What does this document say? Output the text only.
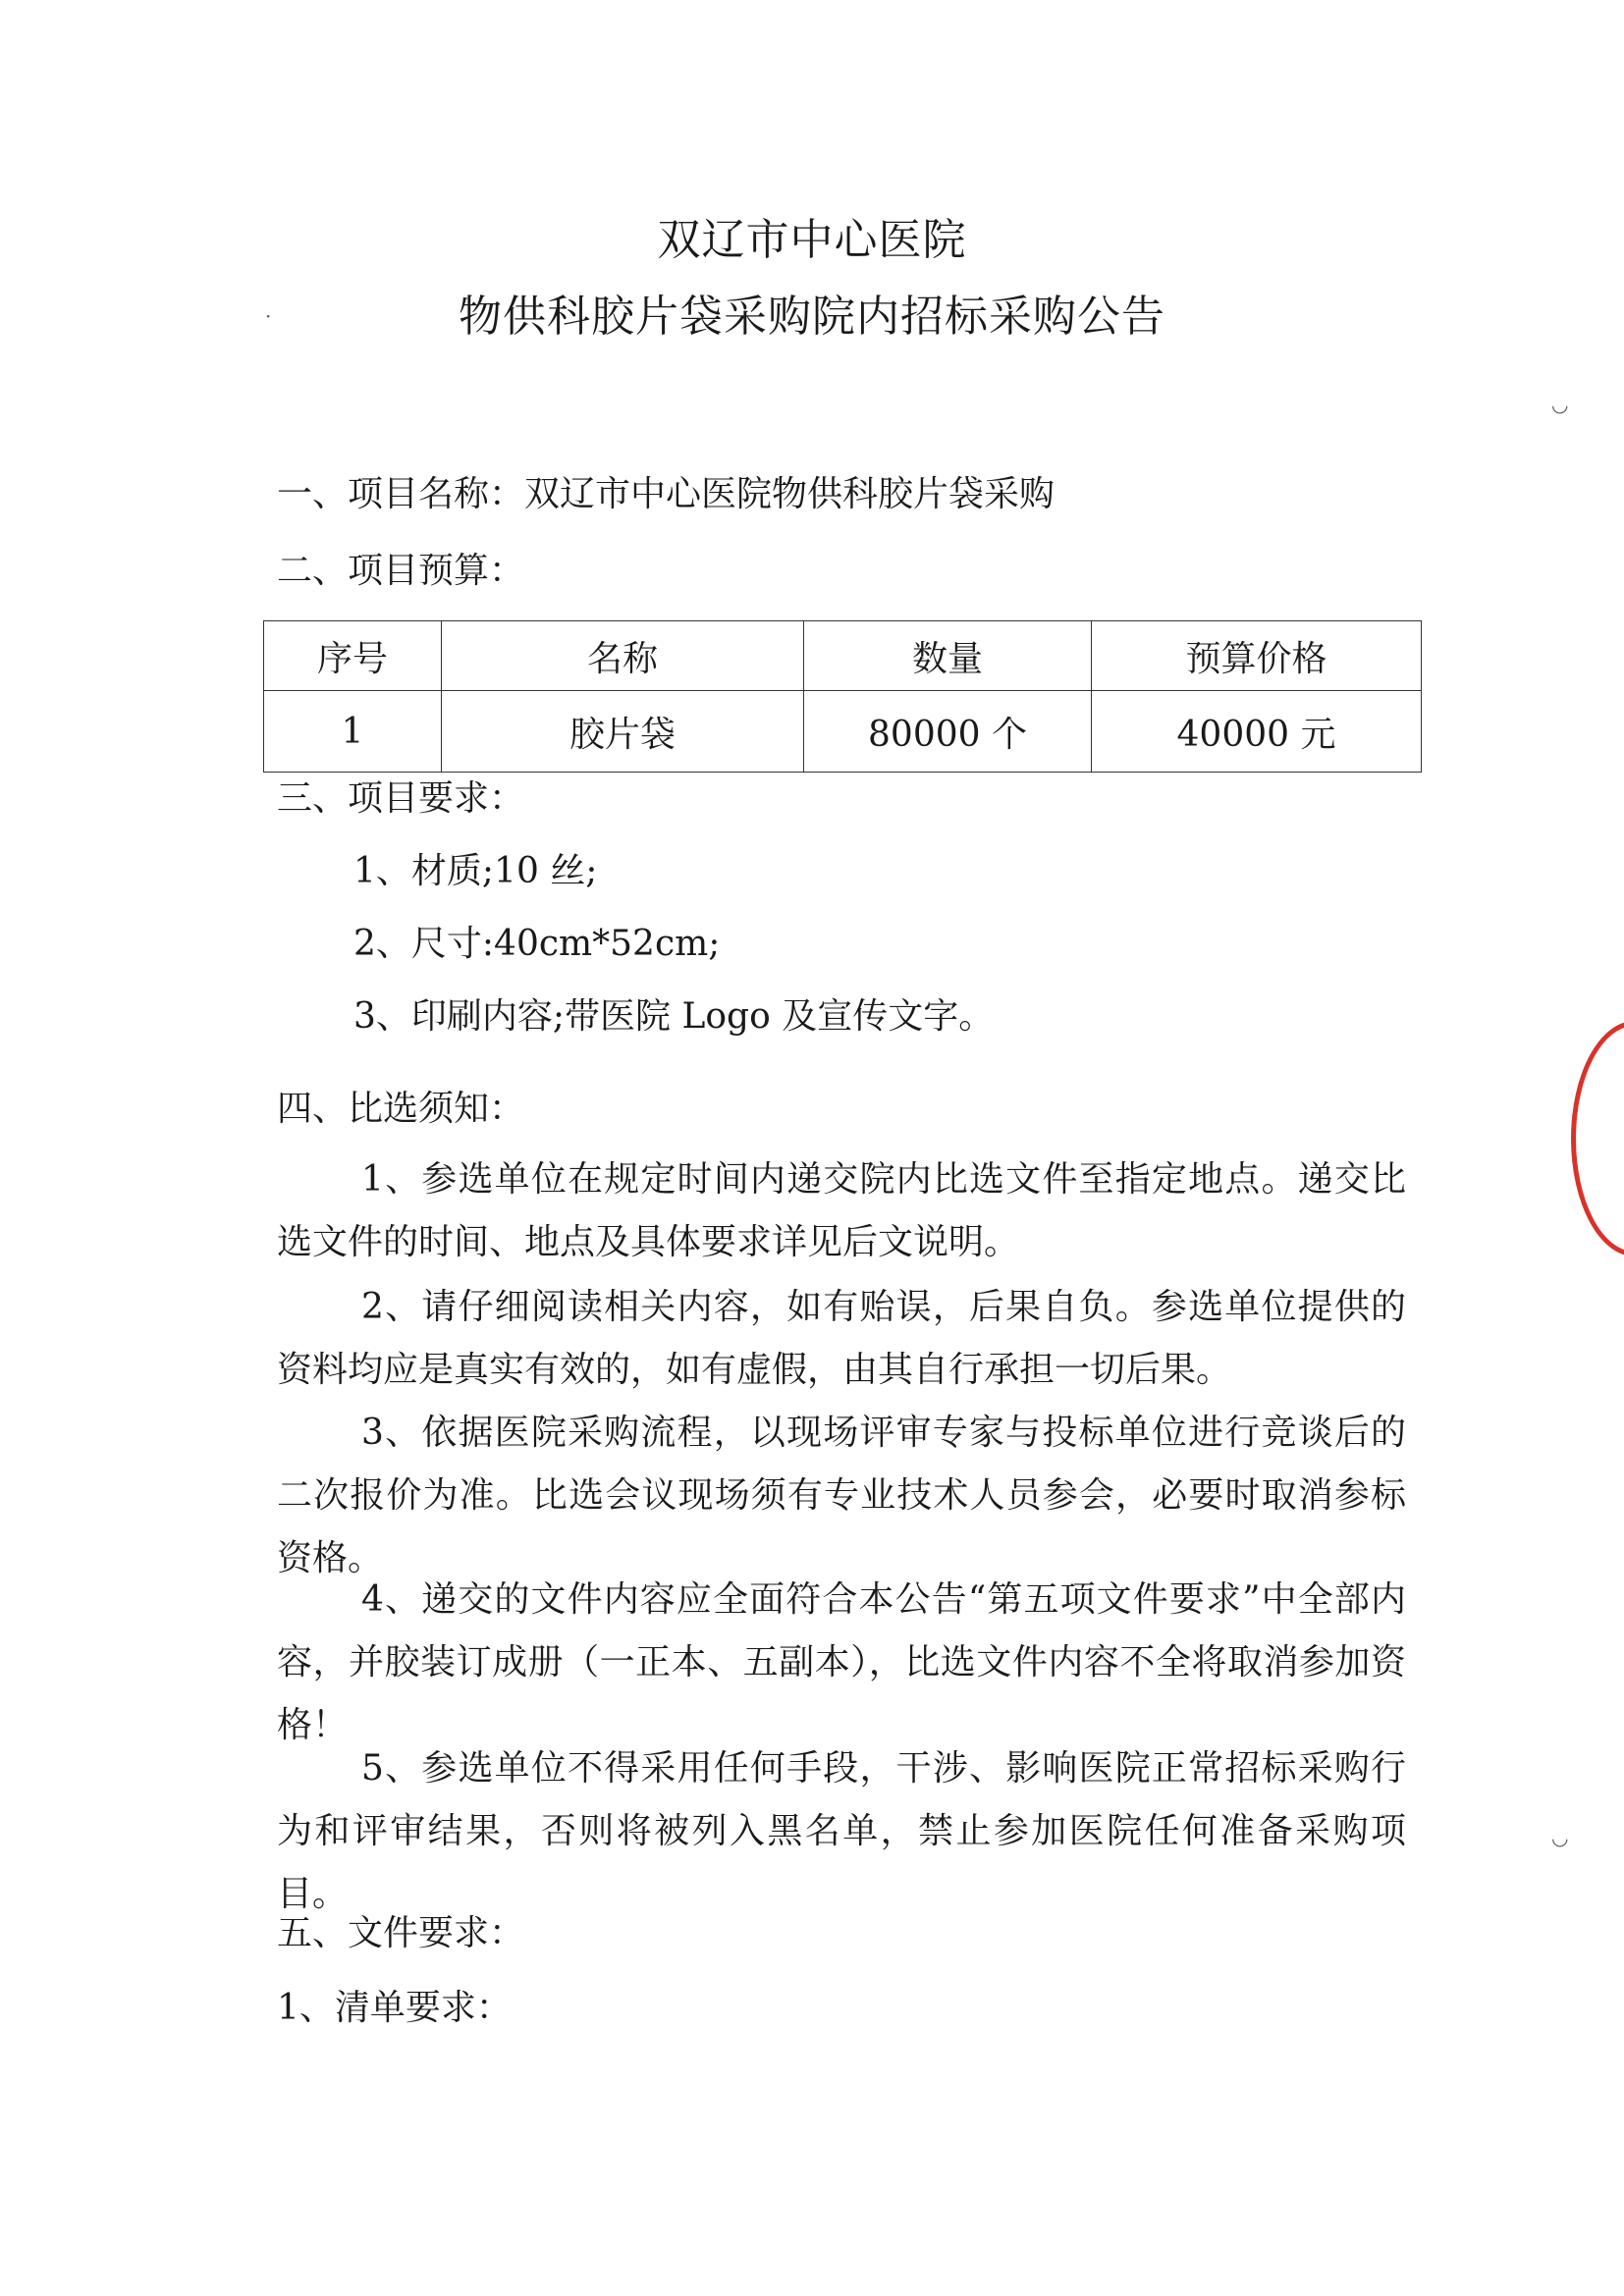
双辽市中心医院
物供科胶片袋采购院内招标采购公告
一、项目名称：双辽市中心医院物供科胶片袋采购
二、项目预算：
序号	名称	数量	预算价格
1	胶片袋	80000 个	40000 元
三、项目要求：
1、材质;10 丝;
2、尺寸:40cm*52cm;
3、印刷内容;带医院 Logo 及宣传文字。
四、比选须知：
1、参选单位在规定时间内递交院内比选文件至指定地点。递交比选文件的时间、地点及具体要求详见后文说明。
2、请仔细阅读相关内容，如有贻误，后果自负。参选单位提供的资料均应是真实有效的，如有虚假，由其自行承担一切后果。
3、依据医院采购流程，以现场评审专家与投标单位进行竞谈后的二次报价为准。比选会议现场须有专业技术人员参会，必要时取消参标资格。
4、递交的文件内容应全面符合本公告“第五项文件要求”中全部内容，并胶装订成册（一正本、五副本），比选文件内容不全将取消参加资格！
5、参选单位不得采用任何手段，干涉、影响医院正常招标采购行为和评审结果，否则将被列入黑名单，禁止参加医院任何准备采购项目。
五、文件要求：
1、清单要求：
·
◡
◡
